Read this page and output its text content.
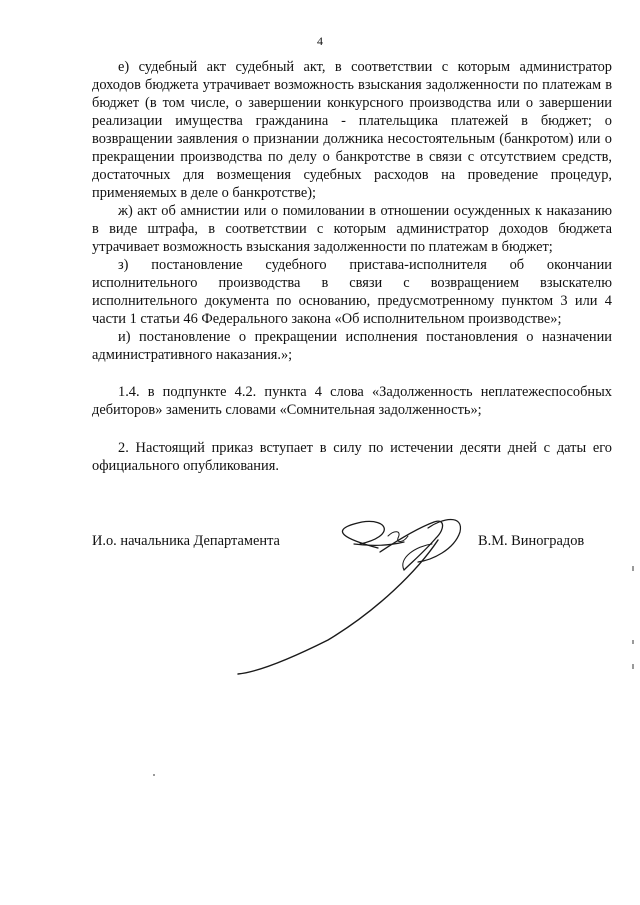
4

е) судебный акт судебный акт, в соответствии с которым администратор доходов бюджета утрачивает возможность взыскания задолженности по платежам в бюджет (в том числе, о завершении конкурсного производства или о завершении реализации имущества гражданина - плательщика платежей в бюджет; о возвращении заявления о признании должника несостоятельным (банкротом) или о прекращении производства по делу о банкротстве в связи с отсутствием средств, достаточных для возмещения судебных расходов на проведение процедур, применяемых в деле о банкротстве);

ж) акт об амнистии или о помиловании в отношении осужденных к наказанию в виде штрафа, в соответствии с которым администратор доходов бюджета утрачивает возможность взыскания задолженности по платежам в бюджет;

з) постановление судебного пристава-исполнителя об окончании исполнительного производства в связи с возвращением взыскателю исполнительного документа по основанию, предусмотренному пунктом 3 или 4 части 1 статьи 46 Федерального закона «Об исполнительном производстве»;

и) постановление о прекращении исполнения постановления о назначении административного наказания.»;

1.4. в подпункте 4.2. пункта 4 слова «Задолженность неплатежеспособных дебиторов» заменить словами «Сомнительная задолженность»;

2. Настоящий приказ вступает в силу по истечении десяти дней с даты его официального опубликования.

И.о. начальника Департамента	В.М. Виноградов
